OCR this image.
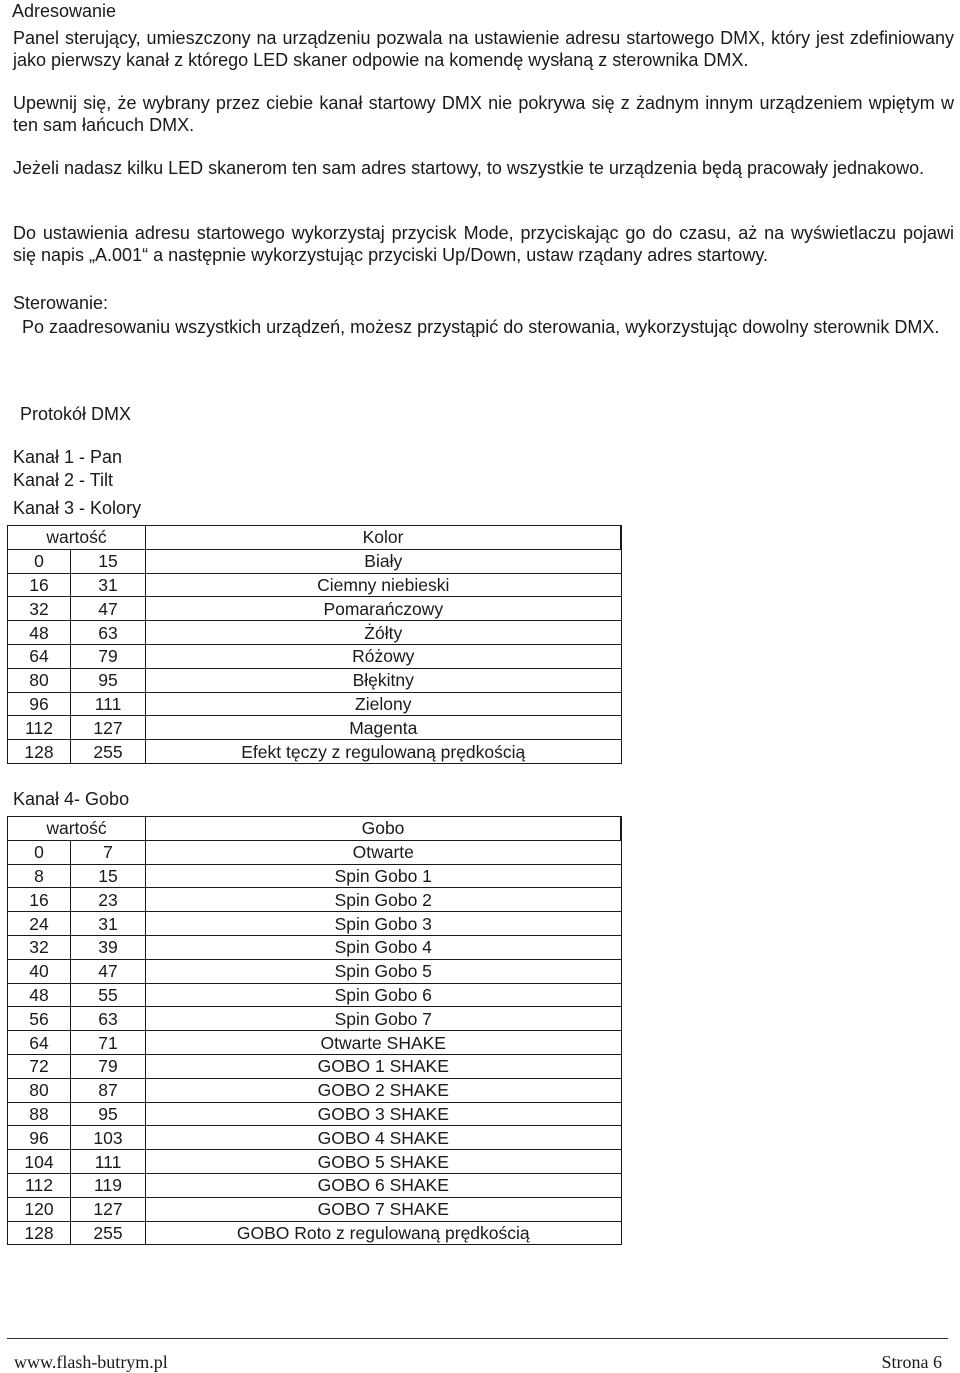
Adresowanie

Panel sterujący, umieszczony na urządzeniu pozwala na ustawienie adresu startowego DMX, który jest zdefiniowany jako pierwszy kanał z którego LED skaner odpowie na komendę wysłaną z sterownika DMX.

Upewnij się, że wybrany przez ciebie kanał startowy DMX nie pokrywa się z żadnym innym urządzeniem wpiętym w ten sam łańcuch DMX.

Jeżeli nadasz kilku LED skanerom ten sam adres startowy, to wszystkie te urządzenia będą pracowały jednakowo.

Do ustawienia adresu startowego wykorzystaj przycisk Mode, przyciskając go do czasu, aż na wyświetlaczu pojawi się napis „A.001“ a następnie wykorzystując przyciski Up/Down, ustaw rządany adres startowy.

Sterowanie:

Po zaadresowaniu wszystkich urządzeń, możesz przystąpić do sterowania, wykorzystując dowolny sterownik DMX.

Protokół DMX
Kanał 1 - Pan
Kanał 2 - Tilt
Kanał 3 - Kolory
wartość		Kolor
0	15	Biały
16	31	Ciemny niebieski
32	47	Pomarańczowy
48	63	Żółty
64	79	Różowy
80	95	Błękitny
96	111	Zielony
112	127	Magenta
128	255	Efekt tęczy z regulowaną prędkością
Kanał 4- Gobo
wartość		Gobo
0	7	Otwarte
8	15	Spin Gobo 1
16	23	Spin Gobo 2
24	31	Spin Gobo 3
32	39	Spin Gobo 4
40	47	Spin Gobo 5
48	55	Spin Gobo 6
56	63	Spin Gobo 7
64	71	Otwarte SHAKE
72	79	GOBO 1 SHAKE
80	87	GOBO 2 SHAKE
88	95	GOBO 3 SHAKE
96	103	GOBO 4 SHAKE
104	111	GOBO 5 SHAKE
112	119	GOBO 6 SHAKE
120	127	GOBO 7 SHAKE
128	255	GOBO Roto z regulowaną prędkością
www.flash-butrym.pl	Strona 6
